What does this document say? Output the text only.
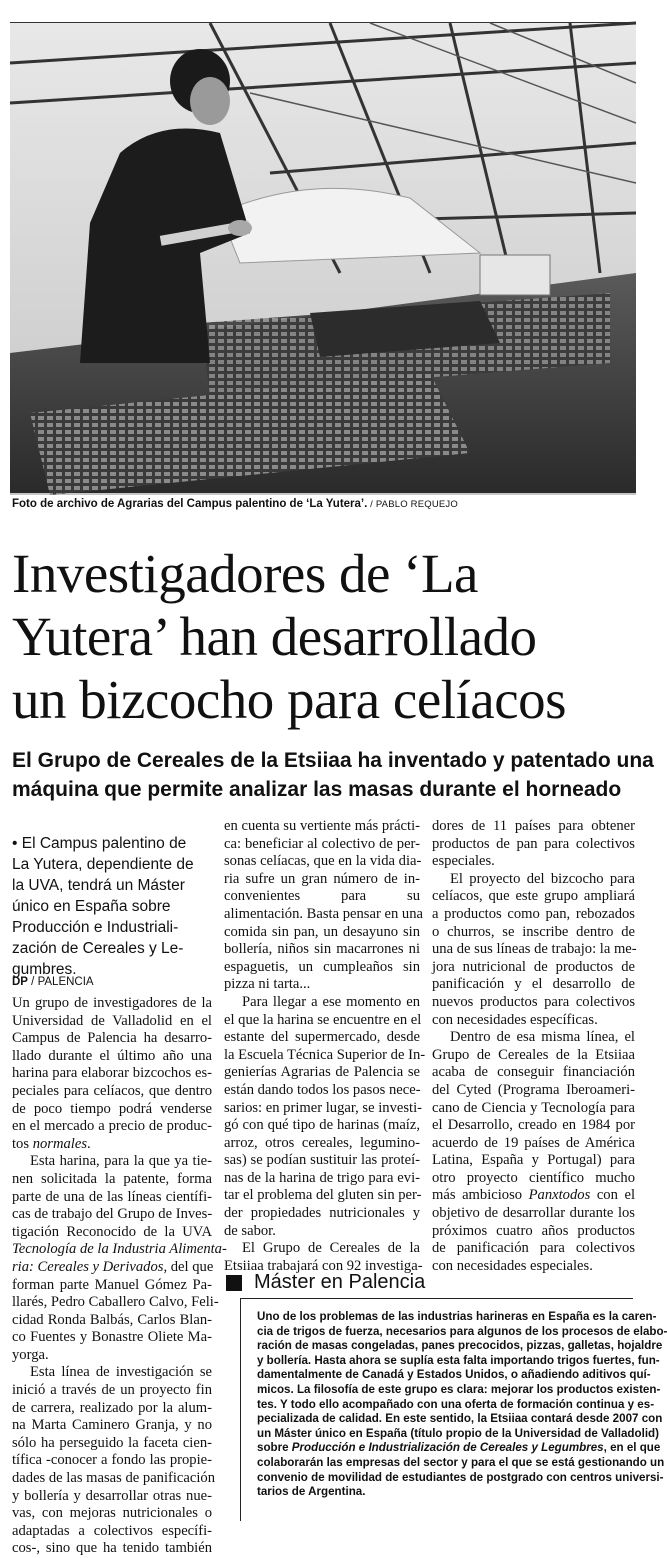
Foto de archivo de Agrarias del Campus palentino de ‘La Yutera’. / PABLO REQUEJO
Investigadores de ‘La
Yutera’ han desarrollado
un bizcocho para celíacos
El Grupo de Cereales de la Etsiiaa ha inventado y patentado una
máquina que permite analizar las masas durante el horneado
• El Campus palentino de
La Yutera, dependiente de
la UVA, tendrá un Máster
único en España sobre
Producción e Industriali-
zación de Cereales y Le-
gumbres.
DP / PALENCIA
Un grupo de investigadores de la
Universidad de Valladolid en el
Campus de Palencia ha desarro-
llado durante el último año una
harina para elaborar bizcochos es-
peciales para celíacos, que dentro
de poco tiempo podrá venderse
en el mercado a precio de produc-
tos normales.
Esta harina, para la que ya tie-
nen solicitada la patente, forma
parte de una de las líneas científi-
cas de trabajo del Grupo de Inves-
tigación Reconocido de la UVA
Tecnología de la Industria Alimenta-
ria: Cereales y Derivados, del que
forman parte Manuel Gómez Pa-
llarés, Pedro Caballero Calvo, Feli-
cidad Ronda Balbás, Carlos Blan-
co Fuentes y Bonastre Oliete Ma-
yorga.
Esta línea de investigación se
inició a través de un proyecto fin
de carrera, realizado por la alum-
na Marta Caminero Granja, y no
sólo ha perseguido la faceta cien-
tífica -conocer a fondo las propie-
dades de las masas de panificación
y bollería y desarrollar otras nue-
vas, con mejoras nutricionales o
adaptadas a colectivos específi-
cos-, sino que ha tenido también
en cuenta su vertiente más prácti-
ca: beneficiar al colectivo de per-
sonas celíacas, que en la vida dia-
ria sufre un gran número de in-
convenientes para su
alimentación. Basta pensar en una
comida sin pan, un desayuno sin
bollería, niños sin macarrones ni
espaguetis, un cumpleaños sin
pizza ni tarta...
Para llegar a ese momento en
el que la harina se encuentre en el
estante del supermercado, desde
la Escuela Técnica Superior de In-
genierías Agrarias de Palencia se
están dando todos los pasos nece-
sarios: en primer lugar, se investi-
gó con qué tipo de harinas (maíz,
arroz, otros cereales, legumino-
sas) se podían sustituir las proteí-
nas de la harina de trigo para evi-
tar el problema del gluten sin per-
der propiedades nutricionales y
de sabor.
El Grupo de Cereales de la
Etsiiaa trabajará con 92 investiga-
dores de 11 países para obtener
productos de pan para colectivos
especiales.
El proyecto del bizcocho para
celíacos, que este grupo ampliará
a productos como pan, rebozados
o churros, se inscribe dentro de
una de sus líneas de trabajo: la me-
jora nutricional de productos de
panificación y el desarrollo de
nuevos productos para colectivos
con necesidades específicas.
Dentro de esa misma línea, el
Grupo de Cereales de la Etsiiaa
acaba de conseguir financiación
del Cyted (Programa Iberoameri-
cano de Ciencia y Tecnología para
el Desarrollo, creado en 1984 por
acuerdo de 19 países de América
Latina, España y Portugal) para
otro proyecto científico mucho
más ambicioso Panxtodos con el
objetivo de desarrollar durante los
próximos cuatro años productos
de panificación para colectivos
con necesidades especiales.
Máster en Palencia
Uno de los problemas de las industrias harineras en España es la caren-
cia de trigos de fuerza, necesarios para algunos de los procesos de elabo-
ración de masas congeladas, panes precocidos, pizzas, galletas, hojaldre
y bollería. Hasta ahora se suplía esta falta importando trigos fuertes, fun-
damentalmente de Canadá y Estados Unidos, o añadiendo aditivos quí-
micos. La filosofía de este grupo es clara: mejorar los productos existen-
tes. Y todo ello acompañado con una oferta de formación continua y es-
pecializada de calidad. En este sentido, la Etsiiaa contará desde 2007 con
un Máster único en España (título propio de la Universidad de Valladolid)
sobre Producción e Industrialización de Cereales y Legumbres, en el que
colaborarán las empresas del sector y para el que se está gestionando un
convenio de movilidad de estudiantes de postgrado con centros universi-
tarios de Argentina.
